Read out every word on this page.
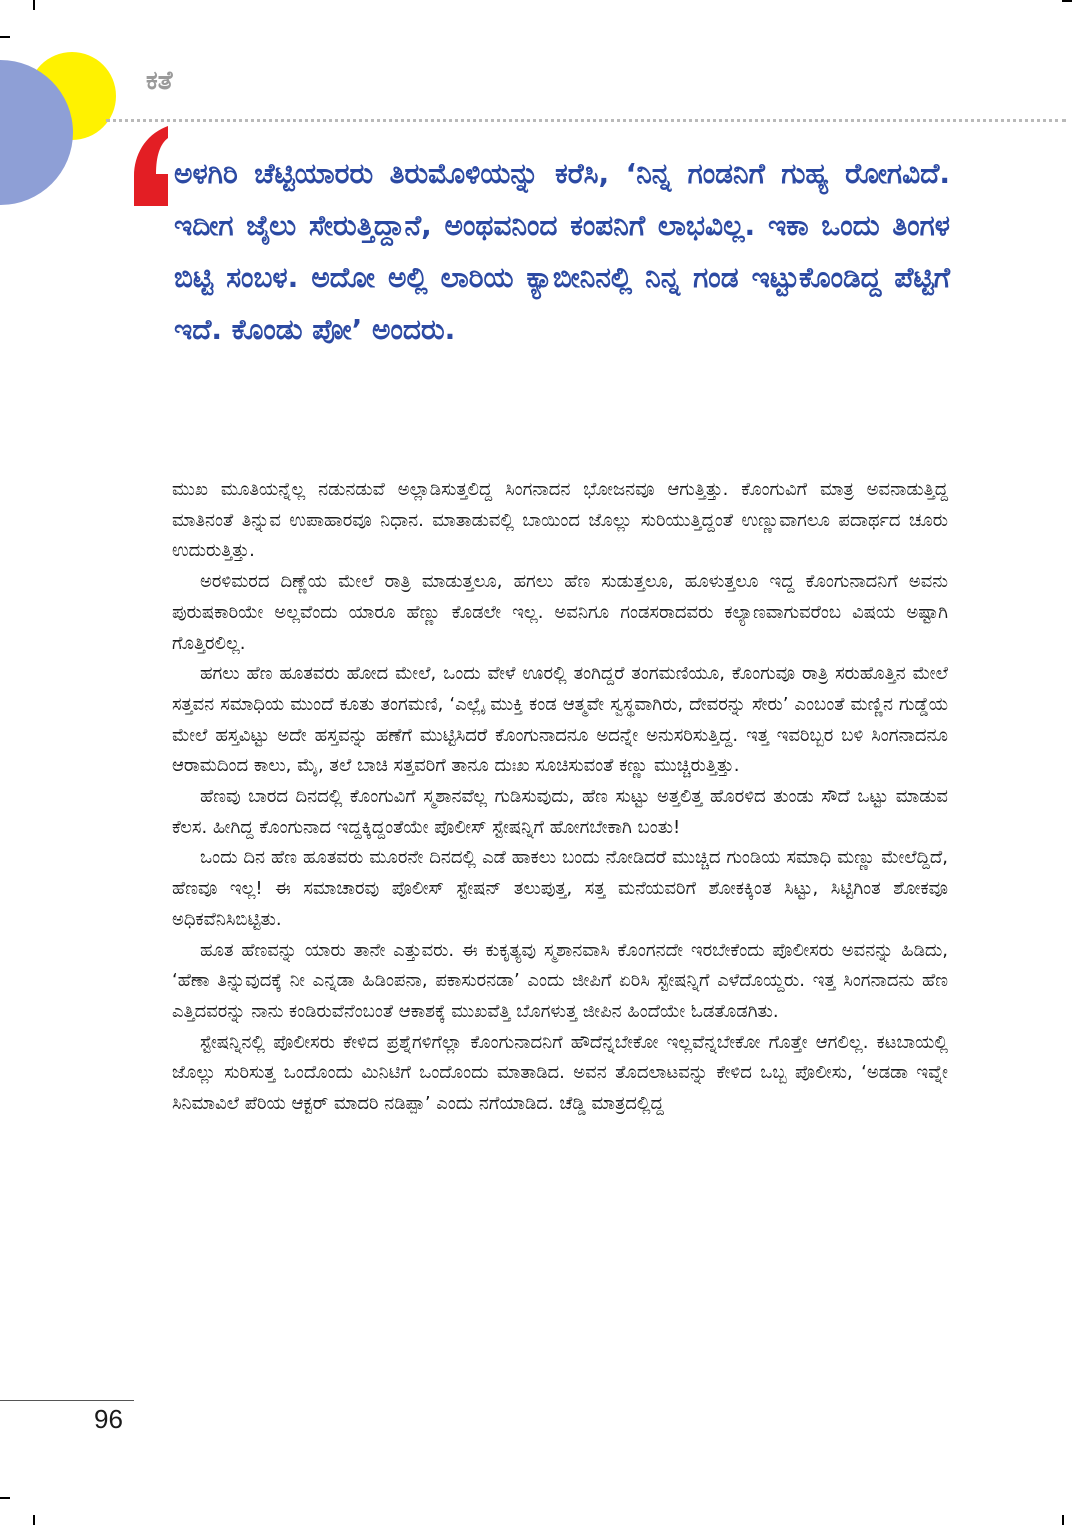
ಕತೆ

ಅಳಗಿರಿ ಚೆಟ್ಟಿಯಾರರು ತಿರುಮೊಳಿಯನ್ನು ಕರೆಸಿ, ‘ನಿನ್ನ ಗಂಡನಿಗೆ ಗುಹ್ಯ ರೋಗವಿದೆ. ಇದೀಗ ಜೈಲು ಸೇರುತ್ತಿದ್ದಾನೆ, ಅಂಥವನಿಂದ ಕಂಪನಿಗೆ ಲಾಭವಿಲ್ಲ. ಇಕಾ ಒಂದು ತಿಂಗಳ ಬಿಟ್ಟಿ ಸಂಬಳ. ಅದೋ ಅಲ್ಲಿ ಲಾರಿಯ ಕ್ಯಾಬೀನಿನಲ್ಲಿ ನಿನ್ನ ಗಂಡ ಇಟ್ಟುಕೊಂಡಿದ್ದ ಪೆಟ್ಟಿಗೆ ಇದೆ. ಕೊಂಡು ಪೋ’ ಅಂದರು.

ಮುಖ ಮೂತಿಯನ್ನೆಲ್ಲ ನಡುನಡುವೆ ಅಲ್ಲಾಡಿಸುತ್ತಲಿದ್ದ ಸಿಂಗನಾದನ ಭೋಜನವೂ ಆಗುತ್ತಿತ್ತು. ಕೊಂಗುವಿಗೆ ಮಾತ್ರ ಅವನಾಡುತ್ತಿದ್ದ ಮಾತಿನಂತೆ ತಿನ್ನುವ ಉಪಾಹಾರವೂ ನಿಧಾನ. ಮಾತಾಡುವಲ್ಲಿ ಬಾಯಿಂದ ಜೊಲ್ಲು ಸುರಿಯುತ್ತಿದ್ದಂತೆ ಉಣ್ಣುವಾಗಲೂ ಪದಾರ್ಥದ ಚೂರು ಉದುರುತ್ತಿತ್ತು.

ಅರಳಿಮರದ ದಿಣ್ಣೆಯ ಮೇಲೆ ರಾತ್ರಿ ಮಾಡುತ್ತಲೂ, ಹಗಲು ಹೆಣ ಸುಡುತ್ತಲೂ, ಹೂಳುತ್ತಲೂ ಇದ್ದ ಕೊಂಗುನಾದನಿಗೆ ಅವನು ಪುರುಷಕಾರಿಯೇ ಅಲ್ಲವೆಂದು ಯಾರೂ ಹೆಣ್ಣು ಕೊಡಲೇ ಇಲ್ಲ. ಅವನಿಗೂ ಗಂಡಸರಾದವರು ಕಲ್ಯಾಣವಾಗುವರೆಂಬ ವಿಷಯ ಅಷ್ಟಾಗಿ ಗೊತ್ತಿರಲಿಲ್ಲ.

ಹಗಲು ಹೆಣ ಹೂತವರು ಹೋದ ಮೇಲೆ, ಒಂದು ವೇಳೆ ಊರಲ್ಲಿ ತಂಗಿದ್ದರೆ ತಂಗಮಣಿಯೂ, ಕೊಂಗುವೂ ರಾತ್ರಿ ಸರುಹೊತ್ತಿನ ಮೇಲೆ ಸತ್ತವನ ಸಮಾಧಿಯ ಮುಂದೆ ಕೂತು ತಂಗಮಣಿ, ‘ಎಲ್ಲೈ ಮುಕ್ತಿ ಕಂಡ ಆತ್ಮವೇ ಸ್ವಸ್ಥವಾಗಿರು, ದೇವರನ್ನು ಸೇರು’ ಎಂಬಂತೆ ಮಣ್ಣಿನ ಗುಡ್ಡೆಯ ಮೇಲೆ ಹಸ್ತವಿಟ್ಟು ಅದೇ ಹಸ್ತವನ್ನು ಹಣೆಗೆ ಮುಟ್ಟಿಸಿದರೆ ಕೊಂಗುನಾದನೂ ಅದನ್ನೇ ಅನುಸರಿಸುತ್ತಿದ್ದ. ಇತ್ತ ಇವರಿಬ್ಬರ ಬಳಿ ಸಿಂಗನಾದನೂ ಆರಾಮದಿಂದ ಕಾಲು, ಮೈ, ತಲೆ ಬಾಚಿ ಸತ್ತವರಿಗೆ ತಾನೂ ದುಃಖ ಸೂಚಿಸುವಂತೆ ಕಣ್ಣು ಮುಚ್ಚಿರುತ್ತಿತ್ತು.

ಹೆಣವು ಬಾರದ ದಿನದಲ್ಲಿ ಕೊಂಗುವಿಗೆ ಸ್ಮಶಾನವೆಲ್ಲ ಗುಡಿಸುವುದು, ಹೆಣ ಸುಟ್ಟು ಅತ್ತಲಿತ್ತ ಹೊರಳಿದ ತುಂಡು ಸೌದೆ ಒಟ್ಟು ಮಾಡುವ ಕೆಲಸ. ಹೀಗಿದ್ದ ಕೊಂಗುನಾದ ಇದ್ದಕ್ಕಿದ್ದಂತೆಯೇ ಪೊಲೀಸ್ ಸ್ಟೇಷನ್ನಿಗೆ ಹೋಗಬೇಕಾಗಿ ಬಂತು!

ಒಂದು ದಿನ ಹೆಣ ಹೂತವರು ಮೂರನೇ ದಿನದಲ್ಲಿ ಎಡೆ ಹಾಕಲು ಬಂದು ನೋಡಿದರೆ ಮುಚ್ಚಿದ ಗುಂಡಿಯ ಸಮಾಧಿ ಮಣ್ಣು ಮೇಲೆದ್ದಿದೆ, ಹೆಣವೂ ಇಲ್ಲ! ಈ ಸಮಾಚಾರವು ಪೊಲೀಸ್ ಸ್ಟೇಷನ್ ತಲುಪುತ್ತ, ಸತ್ತ ಮನೆಯವರಿಗೆ ಶೋಕಕ್ಕಿಂತ ಸಿಟ್ಟು, ಸಿಟ್ಟಿಗಿಂತ ಶೋಕವೂ ಅಧಿಕವೆನಿಸಿಬಿಟ್ಟಿತು.

ಹೂತ ಹೆಣವನ್ನು ಯಾರು ತಾನೇ ಎತ್ತುವರು. ಈ ಕುಕೃತ್ಯವು ಸ್ಮಶಾನವಾಸಿ ಕೊಂಗನದೇ ಇರಬೇಕೆಂದು ಪೊಲೀಸರು ಅವನನ್ನು ಹಿಡಿದು, ‘ಹೆಣಾ ತಿನ್ನುವುದಕ್ಕೆ ನೀ ಎನ್ನಡಾ ಹಿಡಿಂಪನಾ, ಪಕಾಸುರನಡಾ’ ಎಂದು ಜೀಪಿಗೆ ಏರಿಸಿ ಸ್ಟೇಷನ್ನಿಗೆ ಎಳೆದೊಯ್ದರು. ಇತ್ತ ಸಿಂಗನಾದನು ಹೆಣ ಎತ್ತಿದವರನ್ನು ನಾನು ಕಂಡಿರುವೆನೆಂಬಂತೆ ಆಕಾಶಕ್ಕೆ ಮುಖವೆತ್ತಿ ಬೊಗಳುತ್ತ ಜೀಪಿನ ಹಿಂದೆಯೇ ಓಡತೊಡಗಿತು.

ಸ್ಟೇಷನ್ನಿನಲ್ಲಿ ಪೊಲೀಸರು ಕೇಳಿದ ಪ್ರಶ್ನೆಗಳಿಗೆಲ್ಲಾ ಕೊಂಗುನಾದನಿಗೆ ಹೌದೆನ್ನಬೇಕೋ ಇಲ್ಲವೆನ್ನಬೇಕೋ ಗೊತ್ತೇ ಆಗಲಿಲ್ಲ. ಕಟಬಾಯಲ್ಲಿ ಜೊಲ್ಲು ಸುರಿಸುತ್ತ ಒಂದೊಂದು ಮಿನಿಟಿಗೆ ಒಂದೊಂದು ಮಾತಾಡಿದ. ಅವನ ತೊದಲಾಟವನ್ನು ಕೇಳಿದ ಒಬ್ಬ ಪೊಲೀಸು, ‘ಅಡಡಾ ಇವ್ನೇ ಸಿನಿಮಾವಿಲೆ ಪೆರಿಯ ಆಕ್ಟರ್ ಮಾದರಿ ನಡಿಪ್ಪಾ’ ಎಂದು ನಗೆಯಾಡಿದ. ಚೆಡ್ಡಿ ಮಾತ್ರದಲ್ಲಿದ್ದ

96
